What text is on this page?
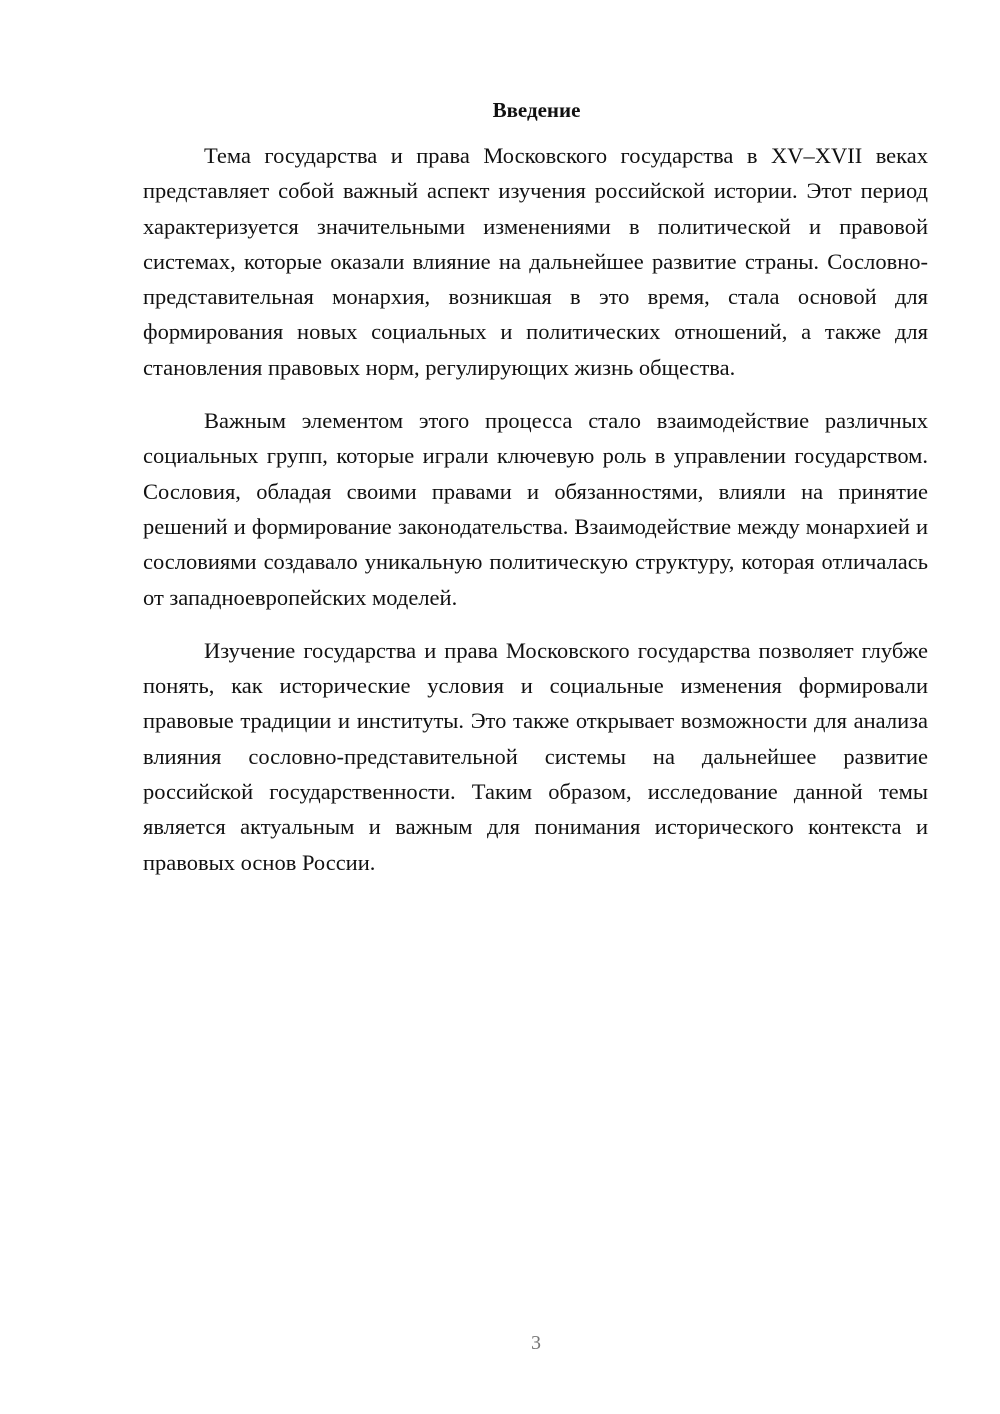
Введение

Тема государства и права Московского государства в XV–XVII веках представляет собой важный аспект изучения российской истории. Этот период характеризуется значительными изменениями в политической и правовой системах, которые оказали влияние на дальнейшее развитие страны. Сословно-представительная монархия, возникшая в это время, стала основой для формирования новых социальных и политических отношений, а также для становления правовых норм, регулирующих жизнь общества.

Важным элементом этого процесса стало взаимодействие различных социальных групп, которые играли ключевую роль в управлении государством. Сословия, обладая своими правами и обязанностями, влияли на принятие решений и формирование законодательства. Взаимодействие между монархией и сословиями создавало уникальную политическую структуру, которая отличалась от западноевропейских моделей.

Изучение государства и права Московского государства позволяет глубже понять, как исторические условия и социальные изменения формировали правовые традиции и институты. Это также открывает возможности для анализа влияния сословно-представительной системы на дальнейшее развитие российской государственности. Таким образом, исследование данной темы является актуальным и важным для понимания исторического контекста и правовых основ России.

3
